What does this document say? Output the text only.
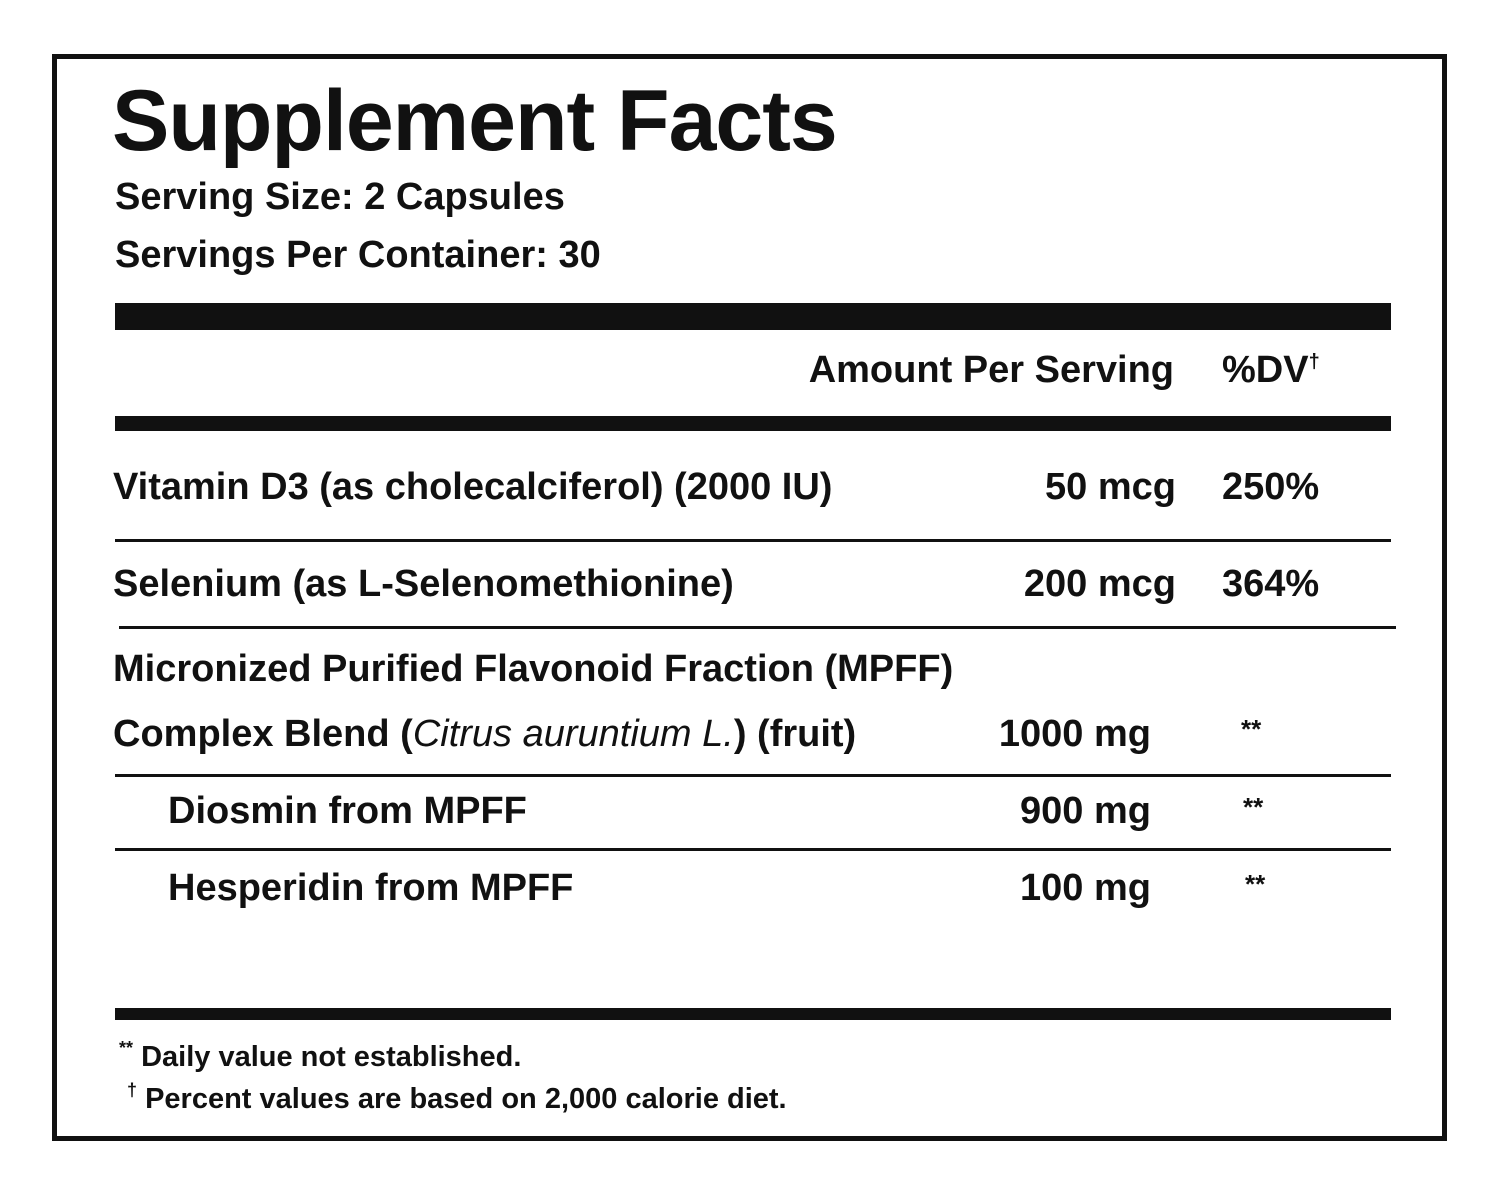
Supplement Facts
Serving Size: 2 Capsules
Servings Per Container: 30
Amount Per Serving %DV†
Vitamin D3 (as cholecalciferol) (2000 IU)	50 mcg 250%
Selenium (as L-Selenomethionine)	200 mcg 364%
Micronized Purified Flavonoid Fraction (MPFF)
Complex Blend (Citrus auruntium L.) (fruit)	1000 mg	**
Diosmin from MPFF	900 mg	**
Hesperidin from MPFF	100 mg	**
** Daily value not established.
† Percent values are based on 2,000 calorie diet.
